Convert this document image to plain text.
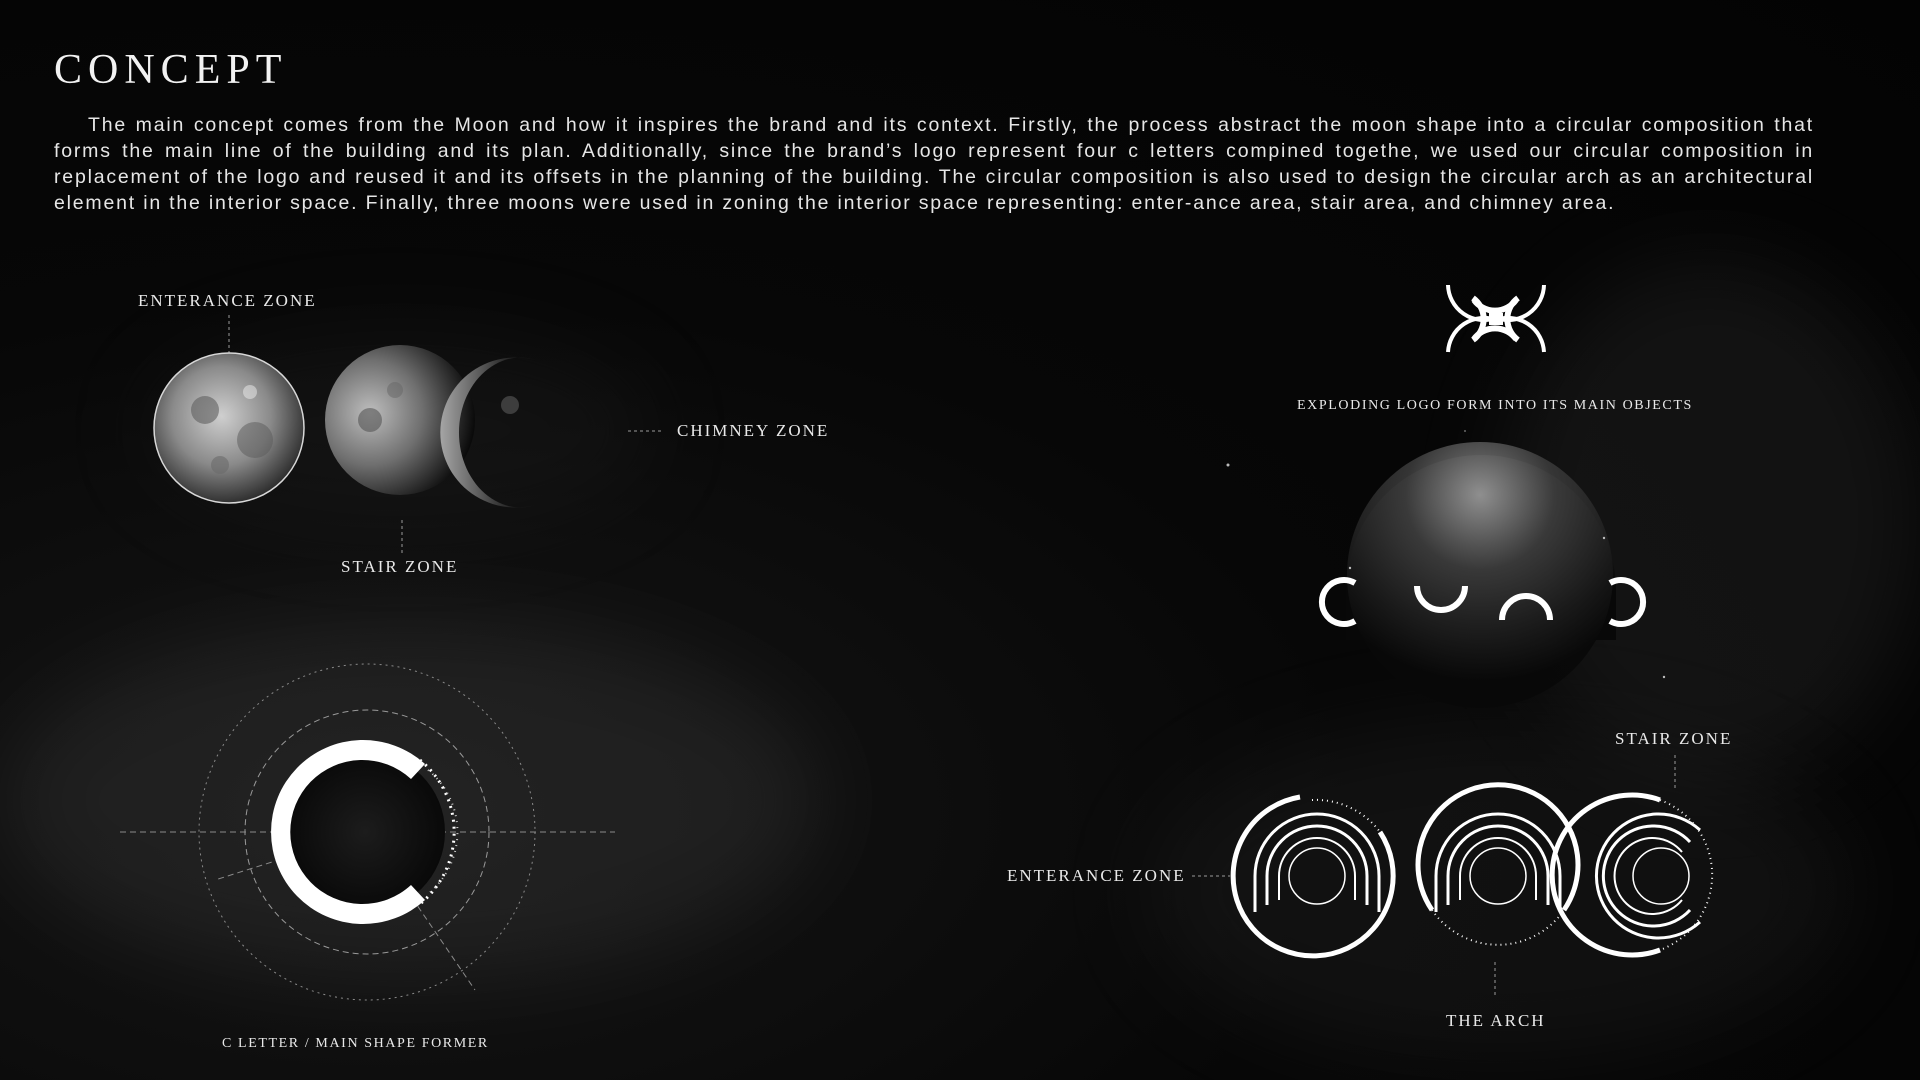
CONCEPT

The main concept comes from the Moon and how it inspires the brand and its context. Firstly, the process abstract the moon shape into a circular composition that forms the main line of the building and its plan. Additionally, since the brand’s logo represent four c letters compined togethe, we used our circular composition in replacement of the logo and reused it and its offsets in the planning of the building. The circular composition is also used to design the circular arch as an architectural element in the interior space. Finally, three moons were used in zoning the interior space representing: enter-ance area, stair area, and chimney area.

ENTERANCE ZONE
STAIR ZONE
CHIMNEY ZONE
C LETTER / MAIN SHAPE FORMER
EXPLODING LOGO FORM INTO ITS MAIN OBJECTS
STAIR ZONE
ENTERANCE ZONE
THE ARCH
